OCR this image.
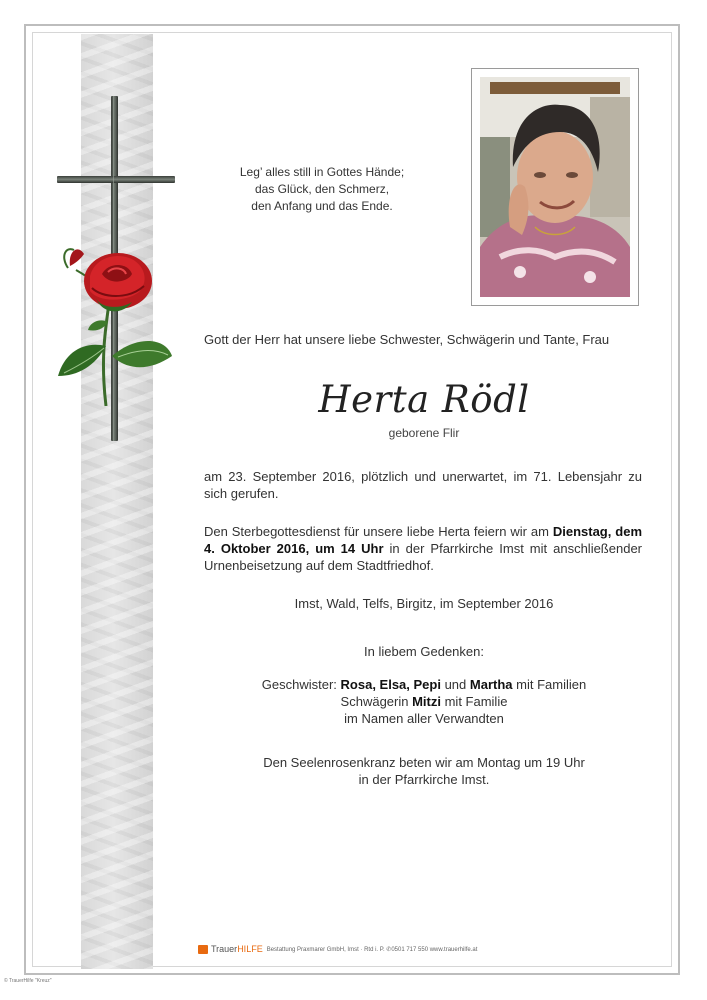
Leg’ alles still in Gottes Hände;
das Glück, den Schmerz,
den Anfang und das Ende.
Gott der Herr hat unsere liebe Schwester, Schwägerin und Tante, Frau
Herta Rödl
geborene Flir
am 23. September 2016, plötzlich und unerwartet, im 71. Lebensjahr zu sich gerufen.
Den Sterbegottesdienst für unsere liebe Herta feiern wir am Dienstag, dem 4. Oktober 2016, um 14 Uhr in der Pfarrkirche Imst mit anschließender Urnenbeisetzung auf dem Stadtfriedhof.
Imst, Wald, Telfs, Birgitz, im September 2016
In liebem Gedenken:
Geschwister: Rosa, Elsa, Pepi und Martha mit Familien
Schwägerin Mitzi mit Familie
im Namen aller Verwandten
Den Seelenrosenkranz beten wir am Montag um 19 Uhr
in der Pfarrkirche Imst.
TrauerHILFE Bestattung Praxmarer GmbH, Imst · Rtd i. P. ✆0501 717 550 www.trauerhilfe.at
© TrauerHilfe "Kreuz"
